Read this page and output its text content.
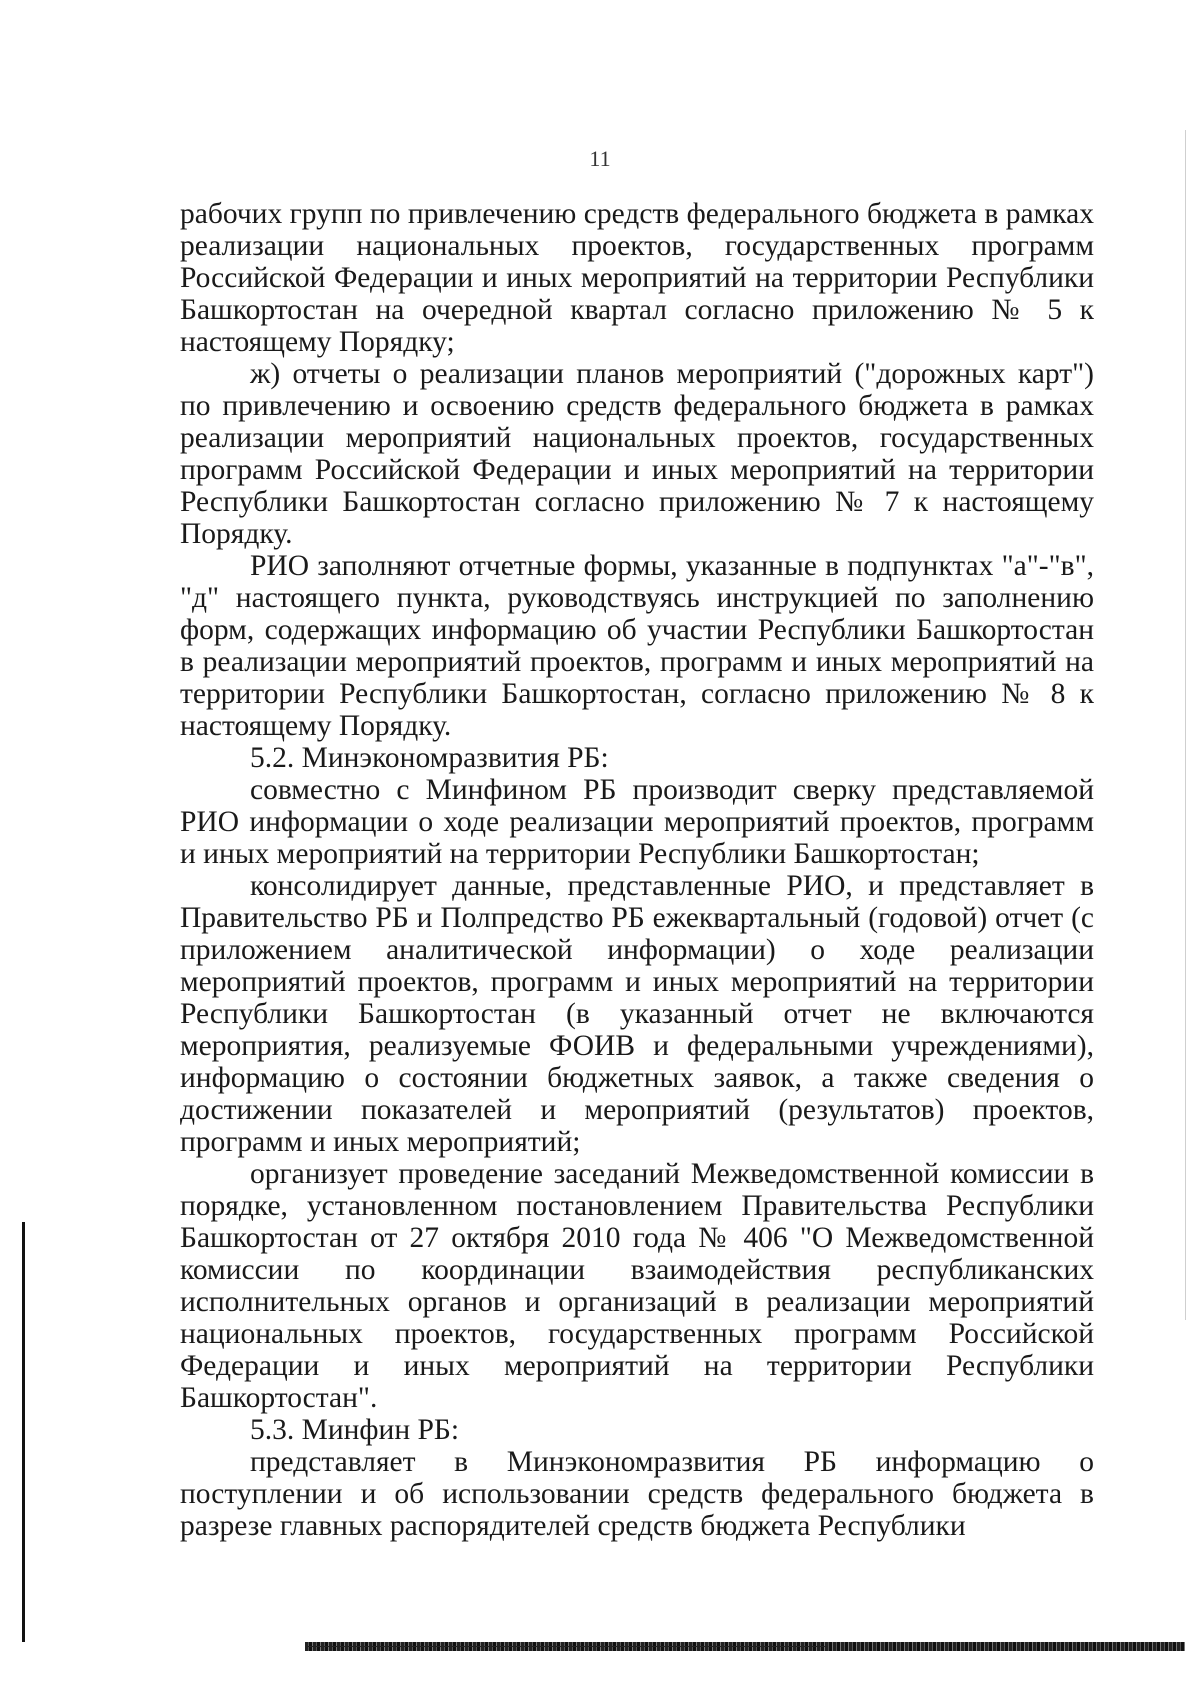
11

рабочих групп по привлечению средств федерального бюджета в рамках реализации национальных проектов, государственных программ Российской Федерации и иных мероприятий на территории Республики Башкортостан на очередной квартал согласно приложению № 5 к настоящему Порядку;

ж) отчеты о реализации планов мероприятий ("дорожных карт") по привлечению и освоению средств федерального бюджета в рамках реализации мероприятий национальных проектов, государственных программ Российской Федерации и иных мероприятий на территории Республики Башкортостан согласно приложению № 7 к настоящему Порядку.

РИО заполняют отчетные формы, указанные в подпунктах "а"-"в", "д" настоящего пункта, руководствуясь инструкцией по заполнению форм, содержащих информацию об участии Республики Башкортостан в реализации мероприятий проектов, программ и иных мероприятий на территории Республики Башкортостан, согласно приложению № 8 к настоящему Порядку.

5.2. Минэкономразвития РБ:

совместно с Минфином РБ производит сверку представляемой РИО информации о ходе реализации мероприятий проектов, программ и иных мероприятий на территории Республики Башкортостан;

консолидирует данные, представленные РИО, и представляет в Правительство РБ и Полпредство РБ ежеквартальный (годовой) отчет (с приложением аналитической информации) о ходе реализации мероприятий проектов, программ и иных мероприятий на территории Республики Башкортостан (в указанный отчет не включаются мероприятия, реализуемые ФОИВ и федеральными учреждениями), информацию о состоянии бюджетных заявок, а также сведения о достижении показателей и мероприятий (результатов) проектов, программ и иных мероприятий;

организует проведение заседаний Межведомственной комиссии в порядке, установленном постановлением Правительства Республики Башкортостан от 27 октября 2010 года № 406 "О Межведомственной комиссии по координации взаимодействия республиканских исполнительных органов и организаций в реализации мероприятий национальных проектов, государственных программ Российской Федерации и иных мероприятий на территории Республики Башкортостан".

5.3. Минфин РБ:

представляет в Минэкономразвития РБ информацию о поступлении и об использовании средств федерального бюджета в разрезе главных распорядителей средств бюджета Республики
